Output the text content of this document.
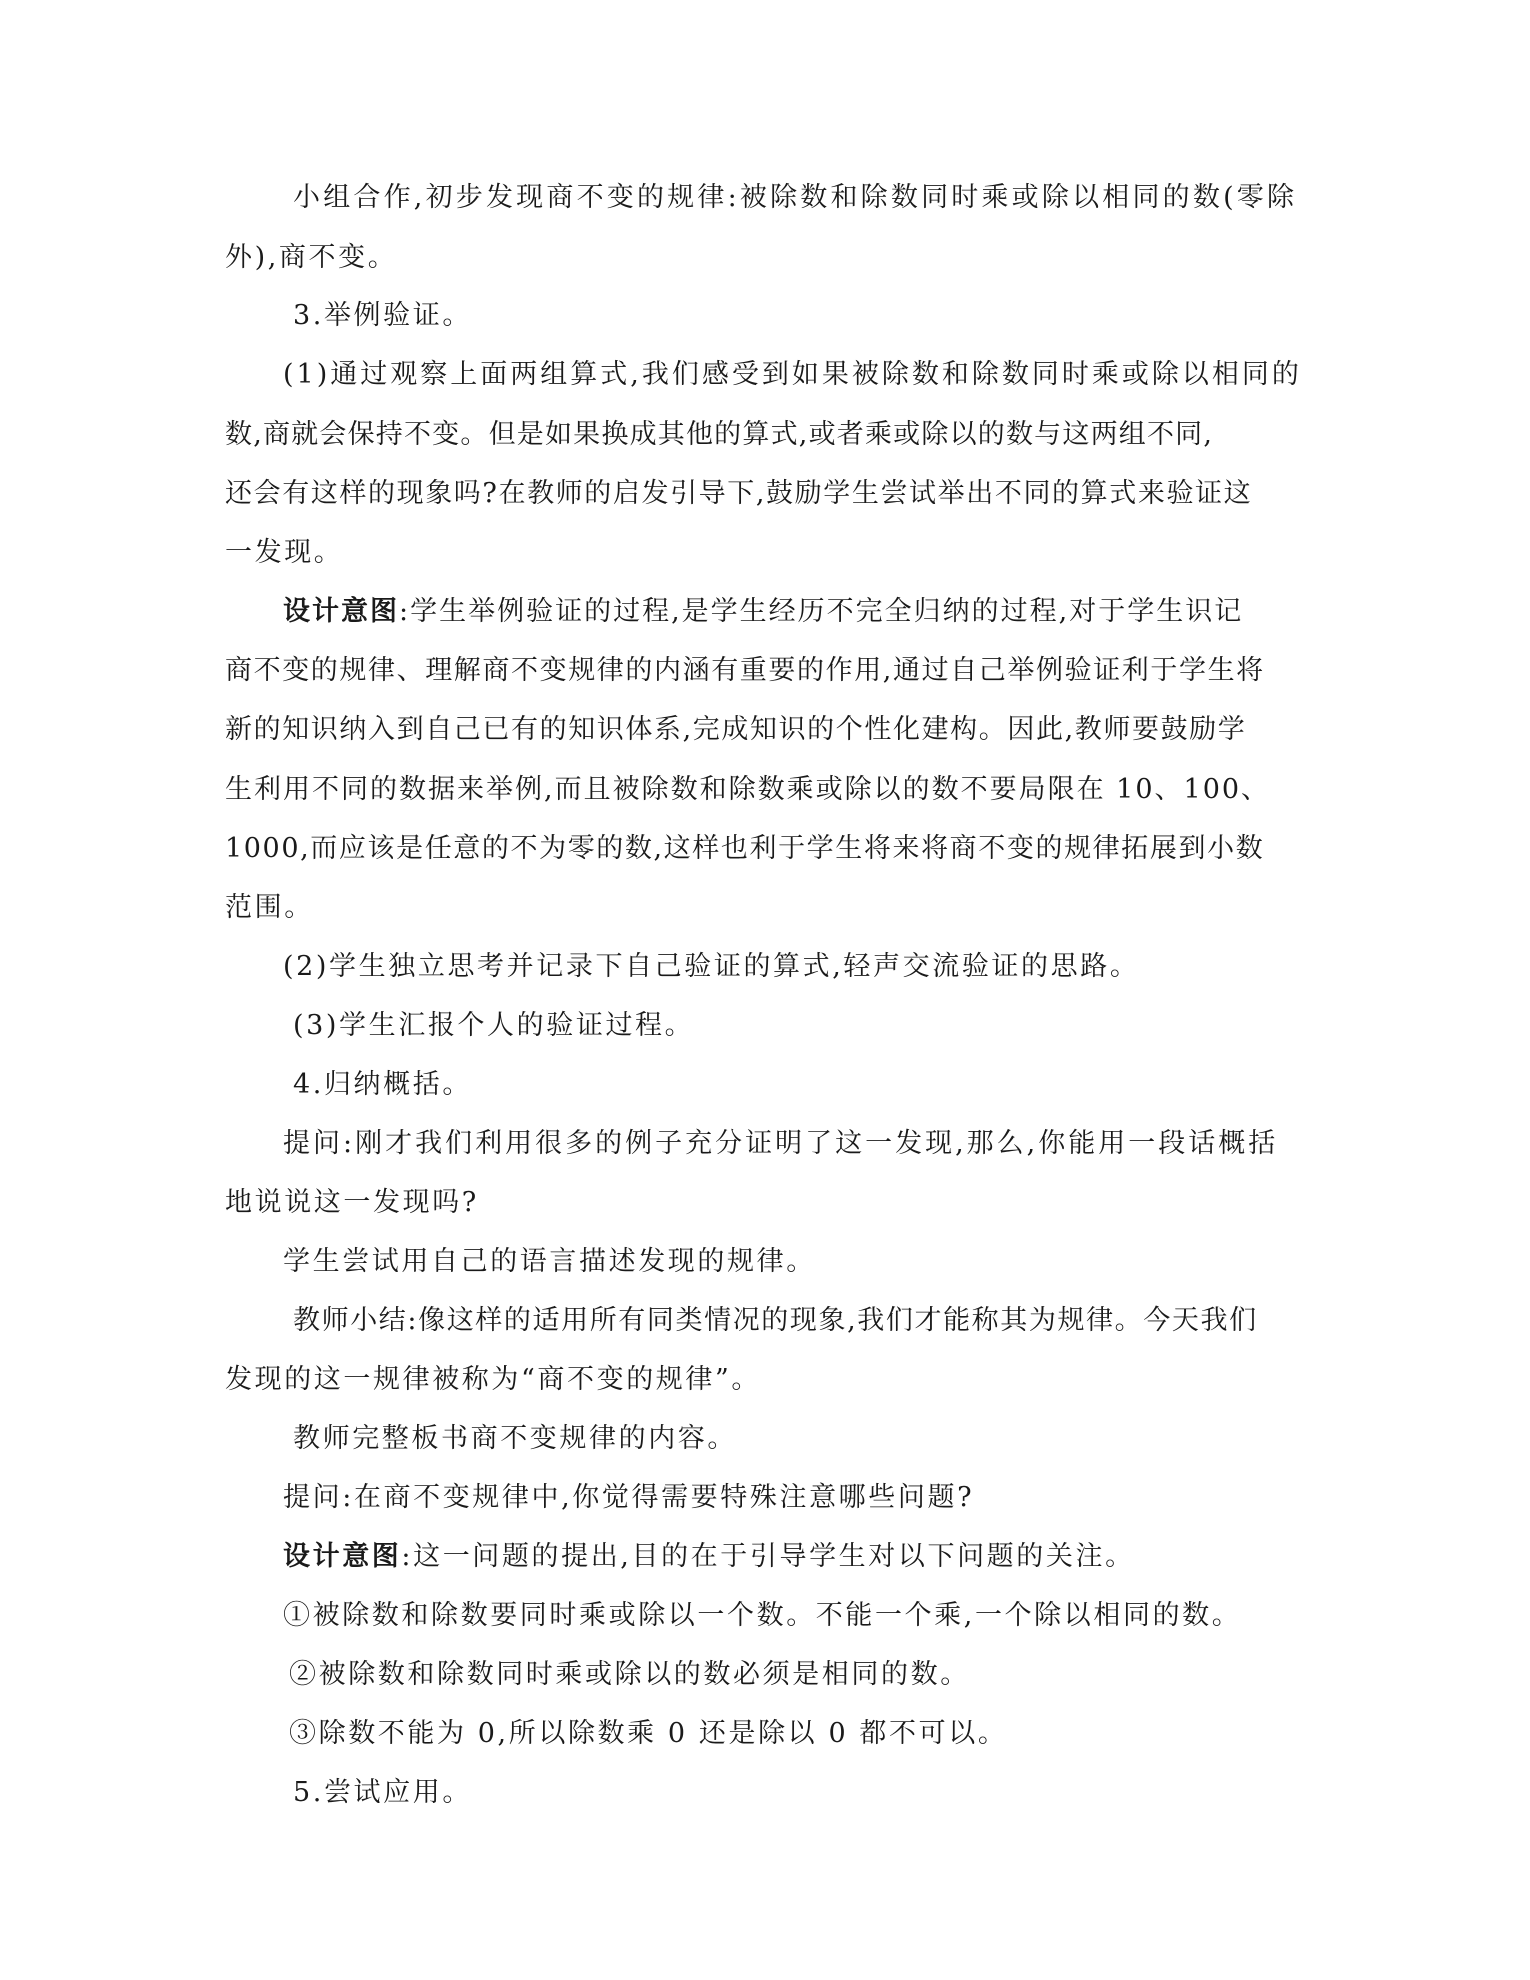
小组合作,初步发现商不变的规律:被除数和除数同时乘或除以相同的数(零除
外),商不变。
3.举例验证。
(1)通过观察上面两组算式,我们感受到如果被除数和除数同时乘或除以相同的
数,商就会保持不变。但是如果换成其他的算式,或者乘或除以的数与这两组不同,
还会有这样的现象吗?在教师的启发引导下,鼓励学生尝试举出不同的算式来验证这
一发现。
设计意图:学生举例验证的过程,是学生经历不完全归纳的过程,对于学生识记
商不变的规律、理解商不变规律的内涵有重要的作用,通过自己举例验证利于学生将
新的知识纳入到自己已有的知识体系,完成知识的个性化建构。因此,教师要鼓励学
生利用不同的数据来举例,而且被除数和除数乘或除以的数不要局限在 10、100、
1000,而应该是任意的不为零的数,这样也利于学生将来将商不变的规律拓展到小数
范围。
(2)学生独立思考并记录下自己验证的算式,轻声交流验证的思路。
(3)学生汇报个人的验证过程。
4.归纳概括。
提问:刚才我们利用很多的例子充分证明了这一发现,那么,你能用一段话概括
地说说这一发现吗?
学生尝试用自己的语言描述发现的规律。
教师小结:像这样的适用所有同类情况的现象,我们才能称其为规律。今天我们
发现的这一规律被称为“商不变的规律”。
教师完整板书商不变规律的内容。
提问:在商不变规律中,你觉得需要特殊注意哪些问题?
设计意图:这一问题的提出,目的在于引导学生对以下问题的关注。
①被除数和除数要同时乘或除以一个数。不能一个乘,一个除以相同的数。
②被除数和除数同时乘或除以的数必须是相同的数。
③除数不能为 0,所以除数乘 0 还是除以 0 都不可以。
5.尝试应用。
